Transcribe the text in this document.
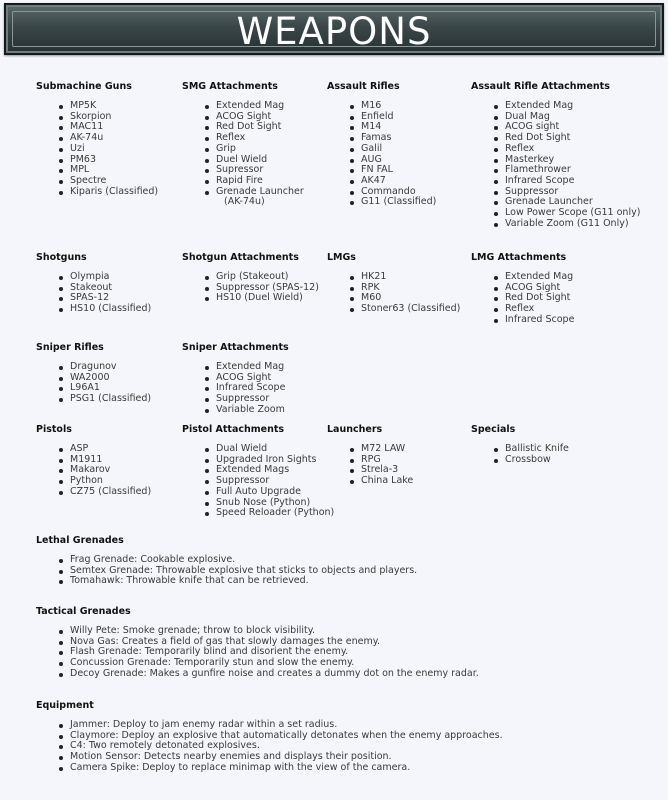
WEAPONS
Submachine Guns
MP5K
Skorpion
MAC11
AK-74u
Uzi
PM63
MPL
Spectre
Kiparis (Classified)
SMG Attachments
Extended Mag
ACOG Sight
Red Dot Sight
Reflex
Grip
Duel Wield
Supressor
Rapid Fire
Grenade Launcher
(AK-74u)
Assault Rifles
M16
Enfield
M14
Famas
Galil
AUG
FN FAL
AK47
Commando
G11 (Classified)
Assault Rifle Attachments
Extended Mag
Dual Mag
ACOG sight
Red Dot Sight
Reflex
Masterkey
Flamethrower
Infrared Scope
Suppressor
Grenade Launcher
Low Power Scope (G11 only)
Variable Zoom (G11 Only)
Shotguns
Olympia
Stakeout
SPAS-12
HS10 (Classified)
Shotgun Attachments
Grip (Stakeout)
Suppressor (SPAS-12)
HS10 (Duel Wield)
LMGs
HK21
RPK
M60
Stoner63 (Classified)
LMG Attachments
Extended Mag
ACOG Sight
Red Dot Sight
Reflex
Infrared Scope
Sniper Rifles
Dragunov
WA2000
L96A1
PSG1 (Classified)
Sniper Attachments
Extended Mag
ACOG Sight
Infrared Scope
Suppressor
Variable Zoom
Pistols
ASP
M1911
Makarov
Python
CZ75 (Classified)
Pistol Attachments
Dual Wield
Upgraded Iron Sights
Extended Mags
Suppressor
Full Auto Upgrade
Snub Nose (Python)
Speed Reloader (Python)
Launchers
M72 LAW
RPG
Strela-3
China Lake
Specials
Ballistic Knife
Crossbow
Lethal Grenades
Frag Grenade: Cookable explosive.
Semtex Grenade: Throwable explosive that sticks to objects and players.
Tomahawk: Throwable knife that can be retrieved.
Tactical Grenades
Willy Pete: Smoke grenade; throw to block visibility.
Nova Gas: Creates a field of gas that slowly damages the enemy.
Flash Grenade: Temporarily blind and disorient the enemy.
Concussion Grenade: Temporarily stun and slow the enemy.
Decoy Grenade: Makes a gunfire noise and creates a dummy dot on the enemy radar.
Equipment
Jammer: Deploy to jam enemy radar within a set radius.
Claymore: Deploy an explosive that automatically detonates when the enemy approaches.
C4: Two remotely detonated explosives.
Motion Sensor: Detects nearby enemies and displays their position.
Camera Spike: Deploy to replace minimap with the view of the camera.
